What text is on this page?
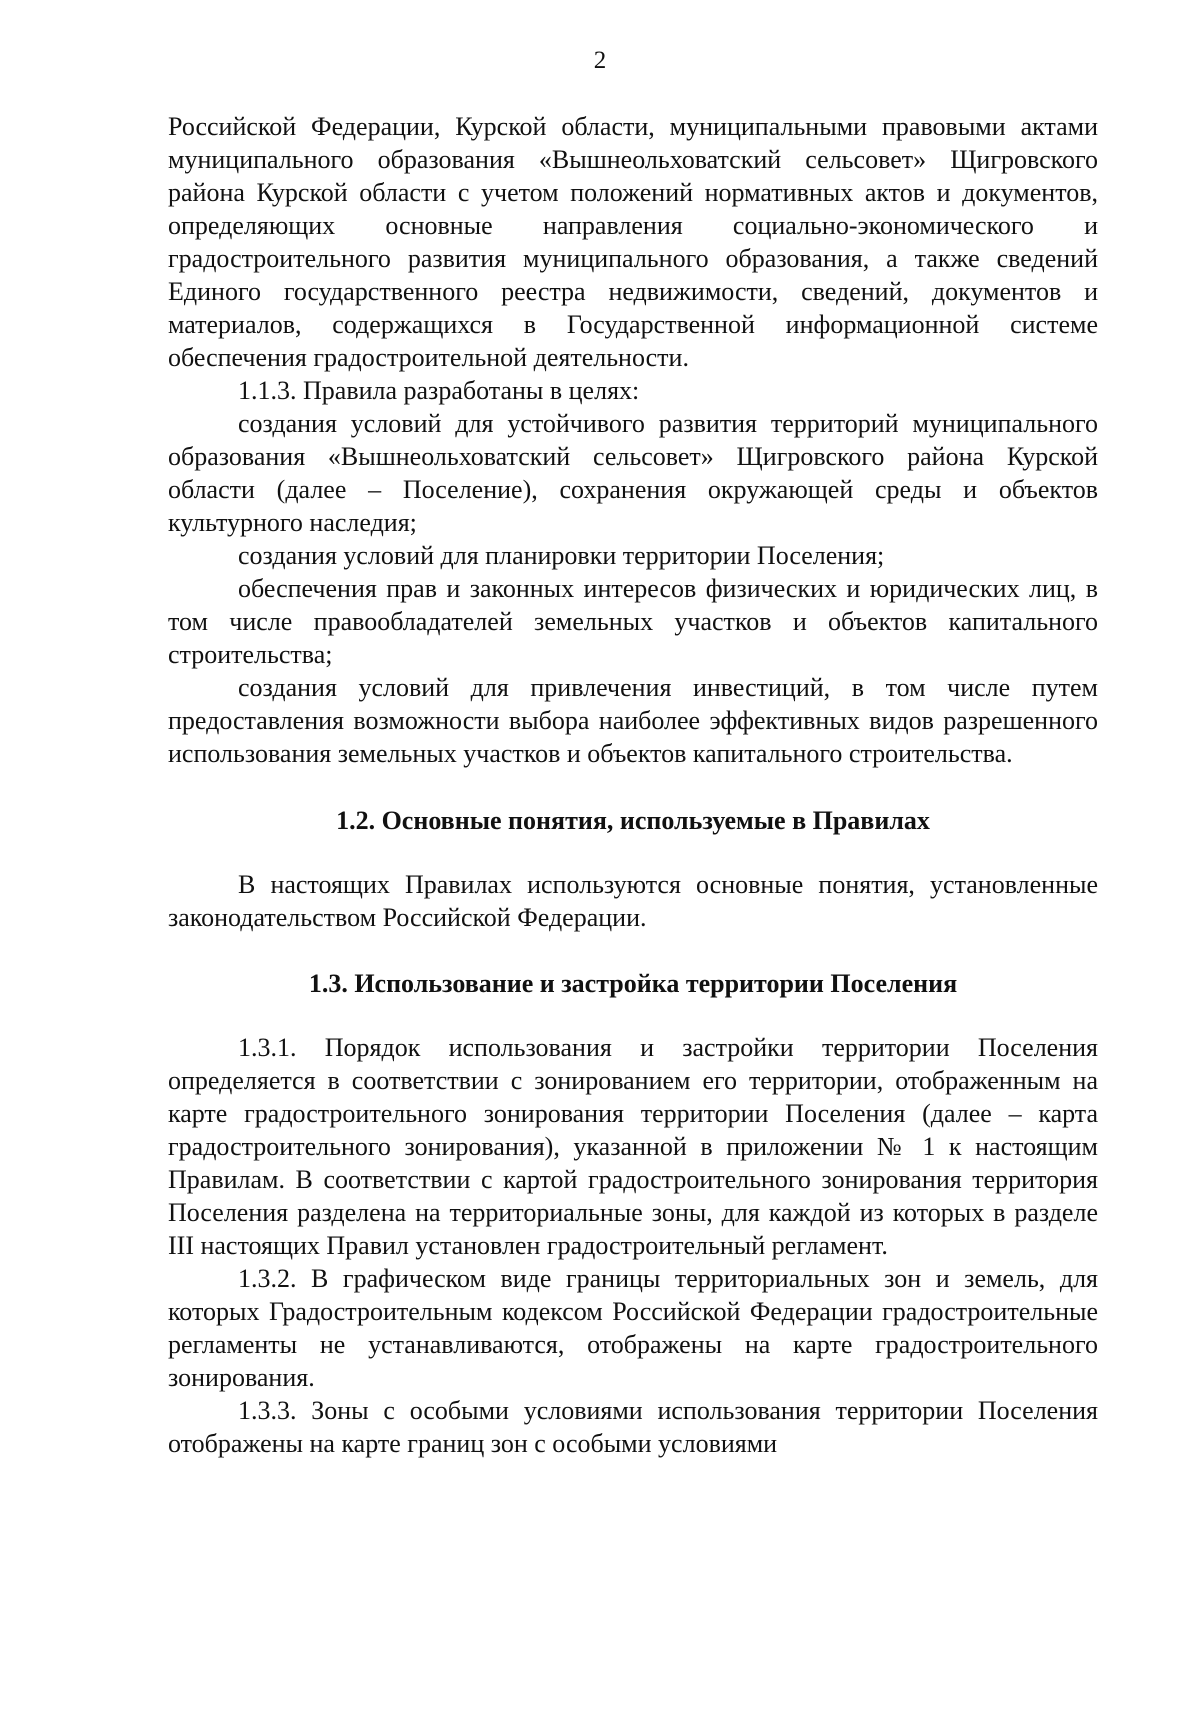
2

Российской Федерации, Курской области, муниципальными правовыми актами муниципального образования «Вышнеольховатский сельсовет» Щигровского района Курской области с учетом положений нормативных актов и документов, определяющих основные направления социально-экономического и градостроительного развития муниципального образования, а также сведений Единого государственного реестра недвижимости, сведений, документов и материалов, содержащихся в Государственной информационной системе обеспечения градостроительной деятельности.

1.1.3. Правила разработаны в целях:

создания условий для устойчивого развития территорий муниципального образования «Вышнеольховатский сельсовет» Щигровского района Курской области (далее – Поселение), сохранения окружающей среды и объектов культурного наследия;

создания условий для планировки территории Поселения;

обеспечения прав и законных интересов физических и юридических лиц, в том числе правообладателей земельных участков и объектов капитального строительства;

создания условий для привлечения инвестиций, в том числе путем предоставления возможности выбора наиболее эффективных видов разрешенного использования земельных участков и объектов капитального строительства.

1.2. Основные понятия, используемые в Правилах

В настоящих Правилах используются основные понятия, установленные законодательством Российской Федерации.

1.3. Использование и застройка территории Поселения

1.3.1. Порядок использования и застройки территории Поселения определяется в соответствии с зонированием его территории, отображенным на карте градостроительного зонирования территории Поселения (далее – карта градостроительного зонирования), указанной в приложении № 1 к настоящим Правилам. В соответствии с картой градостроительного зонирования территория Поселения разделена на территориальные зоны, для каждой из которых в разделе III настоящих Правил установлен градостроительный регламент.

1.3.2. В графическом виде границы территориальных зон и земель, для которых Градостроительным кодексом Российской Федерации градостроительные регламенты не устанавливаются, отображены на карте градостроительного зонирования.

1.3.3. Зоны с особыми условиями использования территории Поселения отображены на карте границ зон с особыми условиями
